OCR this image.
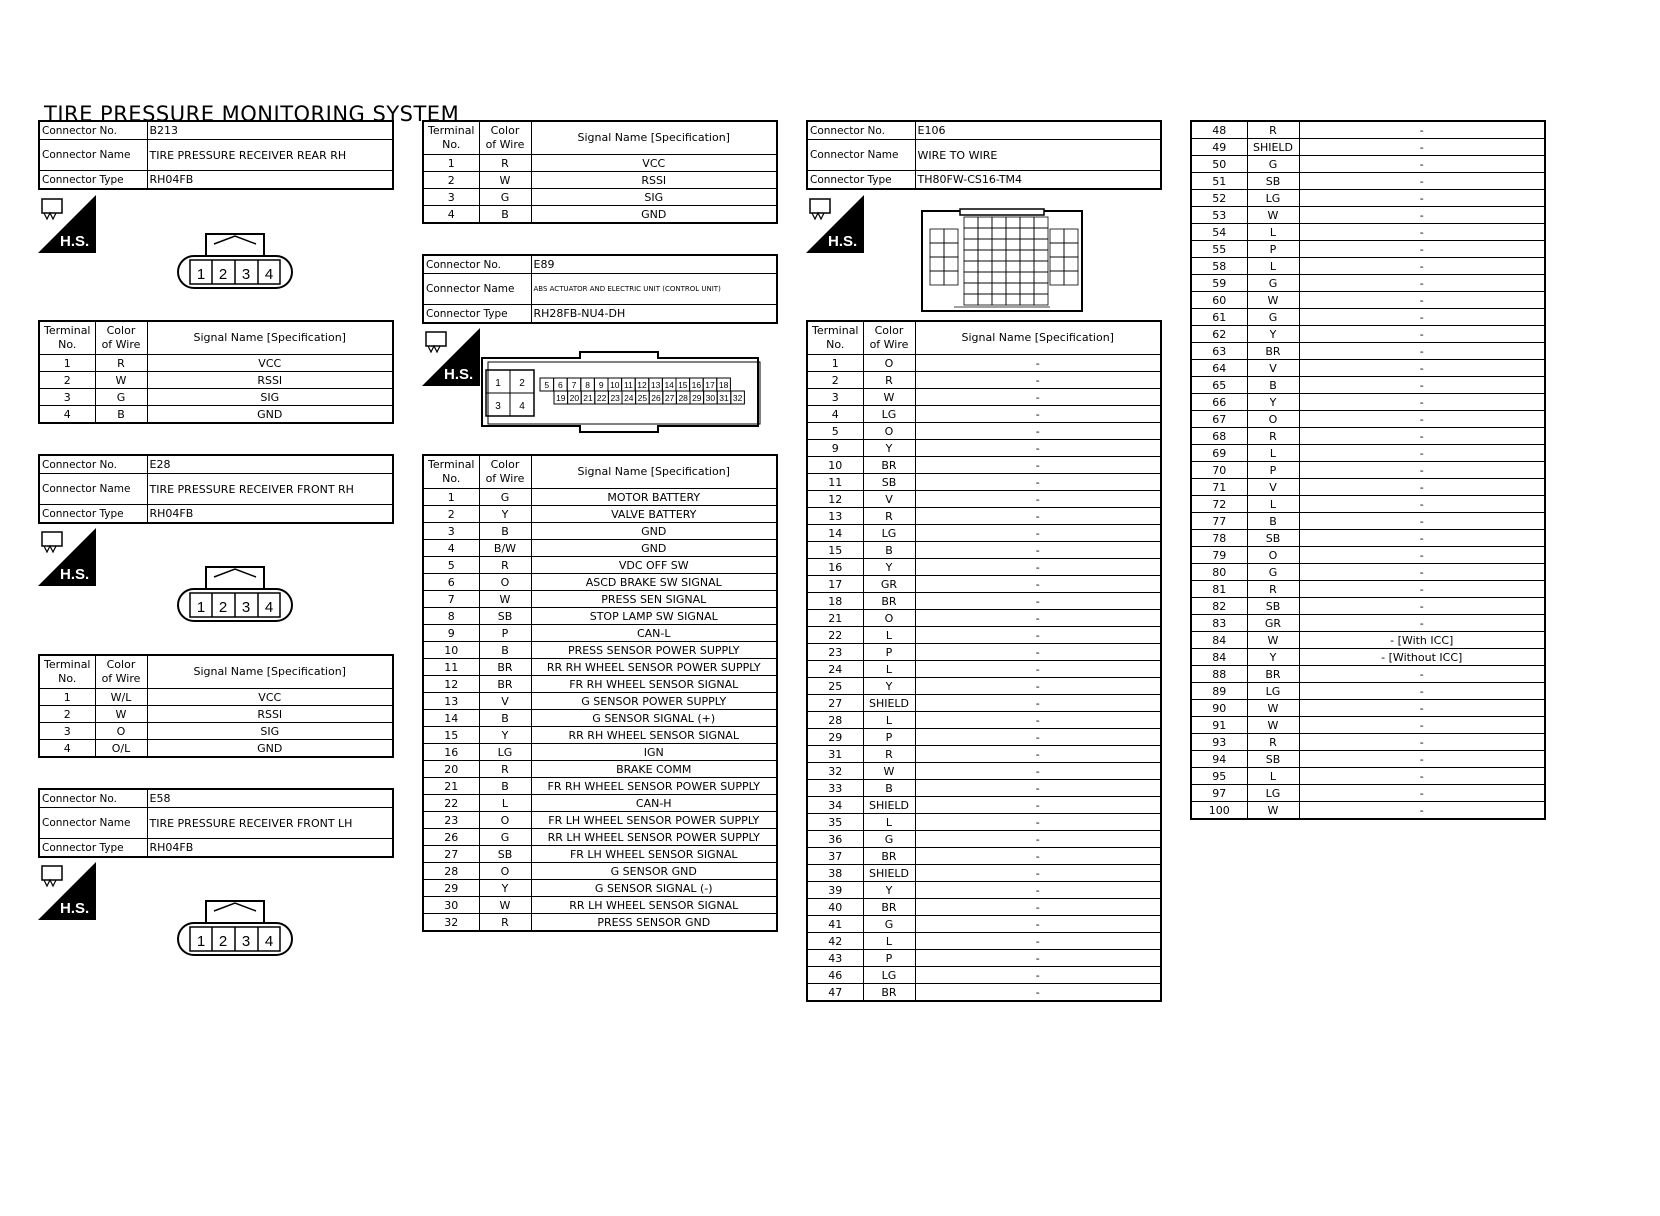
TIRE PRESSURE MONITORING SYSTEM
Connector No.	B213
Connector Name	TIRE PRESSURE RECEIVER REAR RH
Connector Type	RH04FB
H.S.
1 2 3 4
Terminal
No.	Color
of Wire	Signal Name [Specification]
1	R	VCC
2	W	RSSI
3	G	SIG
4	B	GND
Connector No.	E28
Connector Name	TIRE PRESSURE RECEIVER FRONT RH
Connector Type	RH04FB
H.S.
1 2 3 4
Terminal
No.	Color
of Wire	Signal Name [Specification]
1	W/L	VCC
2	W	RSSI
3	O	SIG
4	O/L	GND
Connector No.	E58
Connector Name	TIRE PRESSURE RECEIVER FRONT LH
Connector Type	RH04FB
H.S.
1 2 3 4
Terminal
No.	Color
of Wire	Signal Name [Specification]
1	R	VCC
2	W	RSSI
3	G	SIG
4	B	GND
Connector No.	E89
Connector Name	ABS ACTUATOR AND ELECTRIC UNIT (CONTROL UNIT)
Connector Type	RH28FB-NU4-DH
H.S.
1 2
3 4
5 6 7 8 9 10 11 12 13 14 15 16 17 18
19 20 21 22 23 24 25 26 27 28 29 30 31 32
Terminal
No.	Color
of Wire	Signal Name [Specification]
1	G	MOTOR BATTERY
2	Y	VALVE BATTERY
3	B	GND
4	B/W	GND
5	R	VDC OFF SW
6	O	ASCD BRAKE SW SIGNAL
7	W	PRESS SEN SIGNAL
8	SB	STOP LAMP SW SIGNAL
9	P	CAN-L
10	B	PRESS SENSOR POWER SUPPLY
11	BR	RR RH WHEEL SENSOR POWER SUPPLY
12	BR	FR RH WHEEL SENSOR SIGNAL
13	V	G SENSOR POWER SUPPLY
14	B	G SENSOR SIGNAL (+)
15	Y	RR RH WHEEL SENSOR SIGNAL
16	LG	IGN
20	R	BRAKE COMM
21	B	FR RH WHEEL SENSOR POWER SUPPLY
22	L	CAN-H
23	O	FR LH WHEEL SENSOR POWER SUPPLY
26	G	RR LH WHEEL SENSOR POWER SUPPLY
27	SB	FR LH WHEEL SENSOR SIGNAL
28	O	G SENSOR GND
29	Y	G SENSOR SIGNAL (-)
30	W	RR LH WHEEL SENSOR SIGNAL
32	R	PRESS SENSOR GND
Connector No.	E106
Connector Name	WIRE TO WIRE
Connector Type	TH80FW-CS16-TM4
H.S.
Terminal
No.	Color
of Wire	Signal Name [Specification]
1	O	-
2	R	-
3	W	-
4	LG	-
5	O	-
9	Y	-
10	BR	-
11	SB	-
12	V	-
13	R	-
14	LG	-
15	B	-
16	Y	-
17	GR	-
18	BR	-
21	O	-
22	L	-
23	P	-
24	L	-
25	Y	-
27	SHIELD	-
28	L	-
29	P	-
31	R	-
32	W	-
33	B	-
34	SHIELD	-
35	L	-
36	G	-
37	BR	-
38	SHIELD	-
39	Y	-
40	BR	-
41	G	-
42	L	-
43	P	-
46	LG	-
47	BR	-
48	R	-
49	SHIELD	-
50	G	-
51	SB	-
52	LG	-
53	W	-
54	L	-
55	P	-
58	L	-
59	G	-
60	W	-
61	G	-
62	Y	-
63	BR	-
64	V	-
65	B	-
66	Y	-
67	O	-
68	R	-
69	L	-
70	P	-
71	V	-
72	L	-
77	B	-
78	SB	-
79	O	-
80	G	-
81	R	-
82	SB	-
83	GR	-
84	W	- [With ICC]
84	Y	- [Without ICC]
88	BR	-
89	LG	-
90	W	-
91	W	-
93	R	-
94	SB	-
95	L	-
97	LG	-
100	W	-
